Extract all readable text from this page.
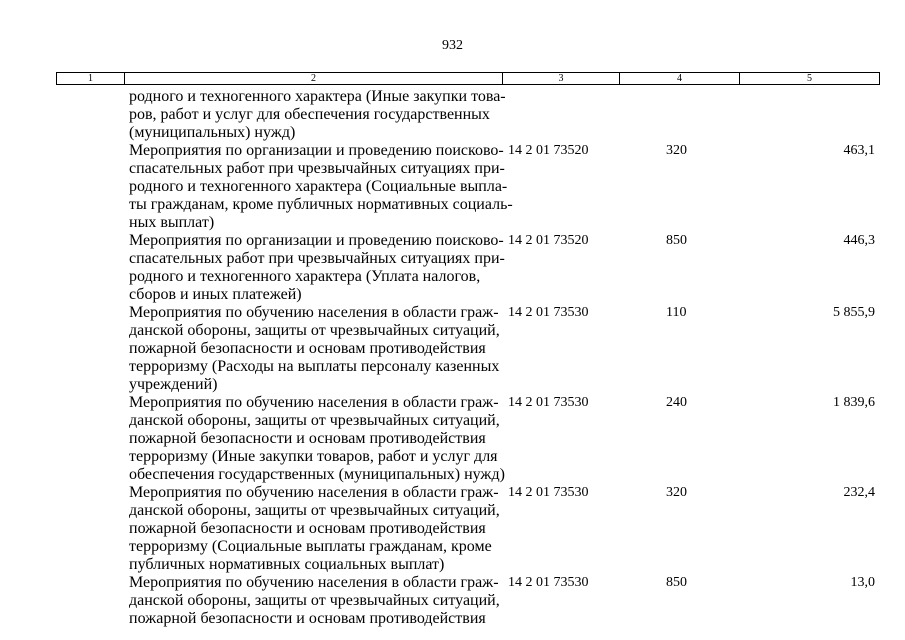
932
1	2	3	4	5
родного и техногенного характера (Иные закупки това-
ров, работ и услуг для обеспечения государственных
(муниципальных) нужд)
Мероприятия по организации и проведению поисково-
спасательных работ при чрезвычайных ситуациях при-
родного и техногенного характера (Социальные выпла-
ты гражданам, кроме публичных нормативных социаль-
ных выплат)
14 2 01 73520	320	463,1
Мероприятия по организации и проведению поисково-
спасательных работ при чрезвычайных ситуациях при-
родного и техногенного характера (Уплата налогов,
сборов и иных платежей)
14 2 01 73520	850	446,3
Мероприятия по обучению населения в области граж-
данской обороны, защиты от чрезвычайных ситуаций,
пожарной безопасности и основам противодействия
терроризму (Расходы на выплаты персоналу казенных
учреждений)
14 2 01 73530	110	5 855,9
Мероприятия по обучению населения в области граж-
данской обороны, защиты от чрезвычайных ситуаций,
пожарной безопасности и основам противодействия
терроризму (Иные закупки товаров, работ и услуг для
обеспечения государственных (муниципальных) нужд)
14 2 01 73530	240	1 839,6
Мероприятия по обучению населения в области граж-
данской обороны, защиты от чрезвычайных ситуаций,
пожарной безопасности и основам противодействия
терроризму (Социальные выплаты гражданам, кроме
публичных нормативных социальных выплат)
14 2 01 73530	320	232,4
Мероприятия по обучению населения в области граж-
данской обороны, защиты от чрезвычайных ситуаций,
пожарной безопасности и основам противодействия
14 2 01 73530	850	13,0
